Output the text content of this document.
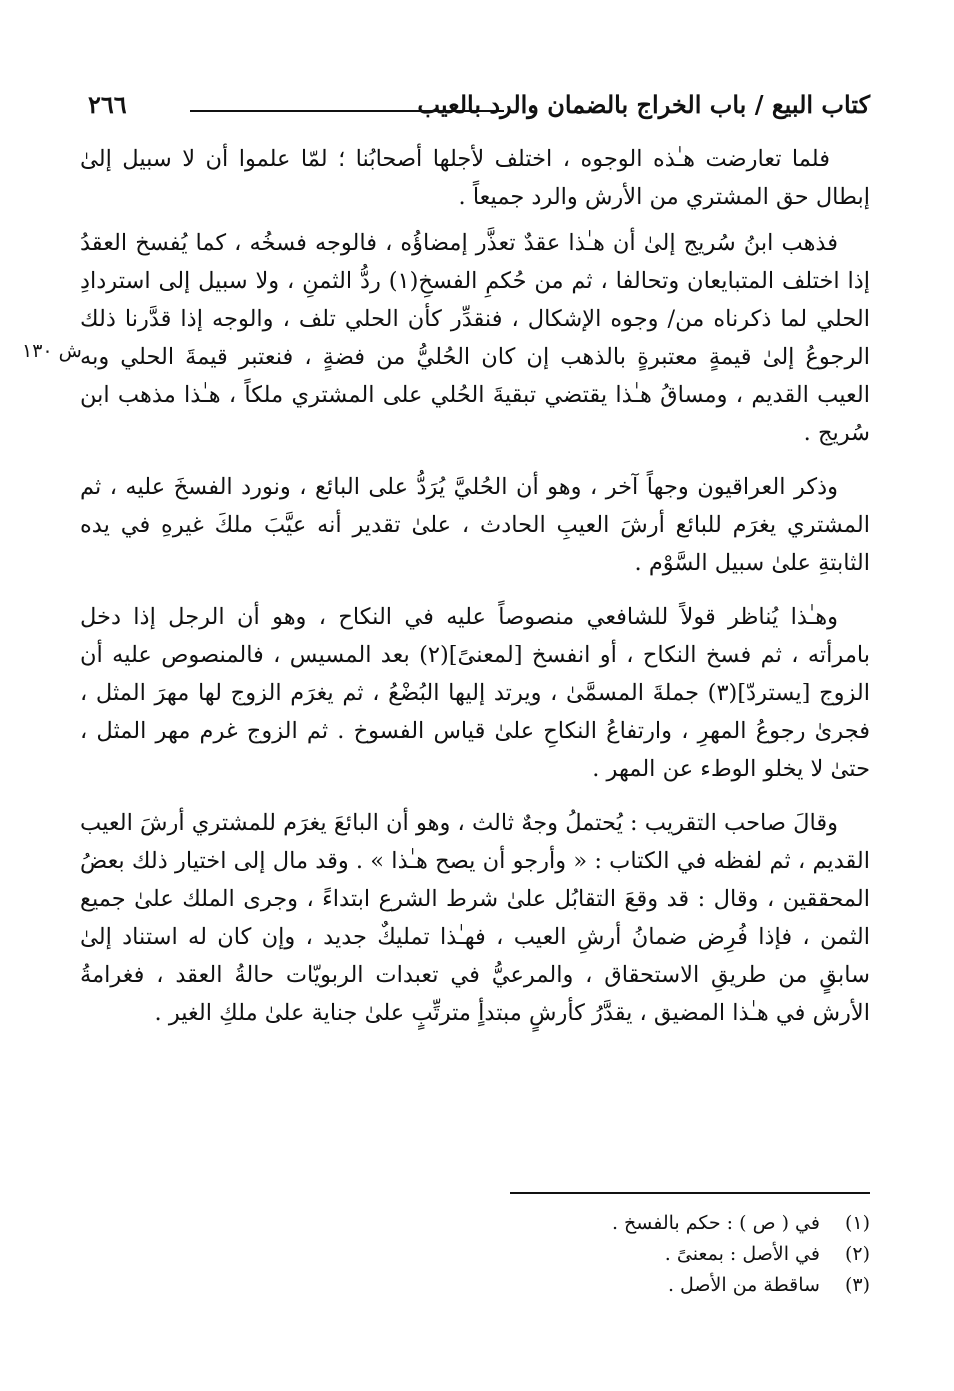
كتاب البيع / باب الخراج بالضمان والرد بالعيب
٢٦٦
ش ١٣٠

فلما تعارضت هـٰذه الوجوه ، اختلف لأجلها أصحابُنا ؛ لمّا علموا أن لا سبيل إلىٰ إبطال حق المشتري من الأرش والرد جميعاً .

فذهب ابنُ سُريج إلىٰ أن هـٰذا عقدٌ تعذَّر إمضاؤُه ، فالوجه فسخُه ، كما يُفسخ العقدُ إذا اختلف المتبايعان وتحالفا ، ثم من حُكمِ الفسخِ(١) ردُّ الثمنِ ، ولا سبيل إلى استردادِ الحلي لما ذكرناه من/ وجوه الإشكال ، فنقدِّر كأن الحلي تلف ، والوجه إذا قدَّرنا ذلك الرجوعُ إلىٰ قيمةٍ معتبرةٍ بالذهب إن كان الحُليُّ من فضةٍ ، فنعتبر قيمةَ الحلي وبه العيب القديم ، ومساقُ هـٰذا يقتضي تبقيةَ الحُلي على المشتري ملكاً ، هـٰذا مذهب ابن سُريج .

وذكر العراقيون وجهاً آخر ، وهو أن الحُليَّ يُرَدُّ على البائع ، ونورد الفسخَ عليه ، ثم المشتري يغرَم للبائع أرشَ العيبِ الحادث ، علىٰ تقدير أنه عيَّبَ ملكَ غيرهِ في يده الثابتةِ علىٰ سبيل السَّوْم .

وهـٰذا يُناظر قولاً للشافعي منصوصاً عليه في النكاح ، وهو أن الرجل إذا دخل بامرأته ، ثم فسخ النكاح ، أو انفسخ [لمعنىً](٢) بعد المسيس ، فالمنصوص عليه أن الزوج [يستردّ](٣) جملةَ المسمَّىٰ ، ويرتد إليها البُضْعُ ، ثم يغرَم الزوج لها مهرَ المثل ، فجرىٰ رجوعُ المهرِ ، وارتفاعُ النكاحِ علىٰ قياس الفسوخ . ثم الزوج غرم مهر المثل ، حتىٰ لا يخلو الوطء عن المهر .

وقالَ صاحب التقريب : يُحتملُ وجهٌ ثالث ، وهو أن البائعَ يغرَم للمشتري أرشَ العيب القديم ، ثم لفظه في الكتاب : « وأرجو أن يصح هـٰذا » . وقد مال إلى اختيار ذلك بعضُ المحققين ، وقال : قد وقعَ التقابُل علىٰ شرط الشرع ابتداءً ، وجرى الملك علىٰ جميع الثمن ، فإذا فُرِض ضمانُ أرشِ العيب ، فهـٰذا تمليكٌ جديد ، وإن كان له استناد إلىٰ سابقٍ من طريقِ الاستحقاق ، والمرعيُّ في تعبدات الربويّات حالةُ العقد ، فغرامةُ الأرش في هـٰذا المضيق ، يقدَّرُ كأرشٍ مبتدأٍ مترتِّبٍ علىٰ جناية علىٰ ملكِ الغير .

(١) في ( ص ) : حكم بالفسخ .
(٢) في الأصل : بمعنىً .
(٣) ساقطة من الأصل .
